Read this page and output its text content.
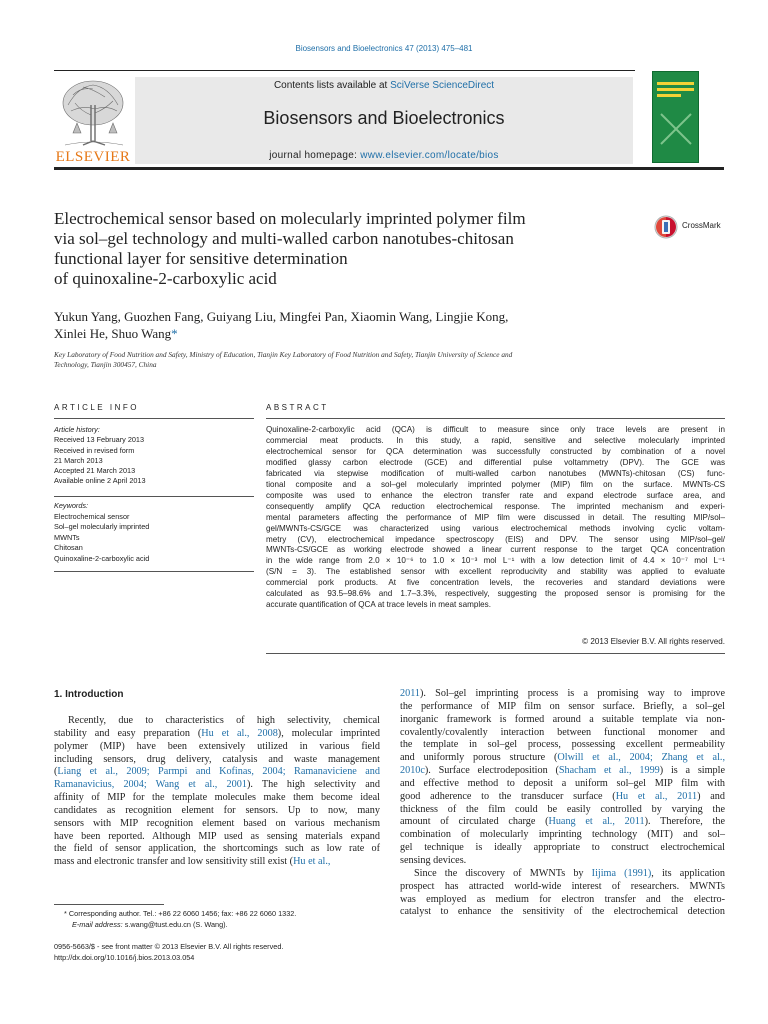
Biosensors and Bioelectronics 47 (2013) 475–481
ELSEVIER
Contents lists available at SciVerse ScienceDirect
Biosensors and Bioelectronics
journal homepage: www.elsevier.com/locate/bios
Electrochemical sensor based on molecularly imprinted polymer film
via sol–gel technology and multi-walled carbon nanotubes-chitosan
functional layer for sensitive determination
of quinoxaline-2-carboxylic acid
CrossMark
Yukun Yang, Guozhen Fang, Guiyang Liu, Mingfei Pan, Xiaomin Wang, Lingjie Kong,
Xinlei He, Shuo Wang*
Key Laboratory of Food Nutrition and Safety, Ministry of Education, Tianjin Key Laboratory of Food Nutrition and Safety, Tianjin University of Science and
Technology, Tianjin 300457, China
ARTICLE INFO	ABSTRACT
Article history:
Received 13 February 2013
Received in revised form
21 March 2013
Accepted 21 March 2013
Available online 2 April 2013
Keywords:
Electrochemical sensor
Sol–gel molecularly imprinted
MWNTs
Chitosan
Quinoxaline-2-carboxylic acid
Quinoxaline-2-carboxylic acid (QCA) is difficult to measure since only trace levels are present in
commercial meat products. In this study, a rapid, sensitive and selective molecularly imprinted
electrochemical sensor for QCA determination was successfully constructed by combination of a novel
modified glassy carbon electrode (GCE) and differential pulse voltammetry (DPV). The GCE was
fabricated via stepwise modification of multi-walled carbon nanotubes (MWNTs)-chitosan (CS) func-
tional composite and a sol–gel molecularly imprinted polymer (MIP) film on the surface. MWNTs-CS
composite was used to enhance the electron transfer rate and expand electrode surface area, and
consequently amplify QCA reduction electrochemical response. The imprinted mechanism and experi-
mental parameters affecting the performance of MIP film were discussed in detail. The resulting MIP/sol–
gel/MWNTs-CS/GCE was characterized using various electrochemical methods involving cyclic voltam-
metry (CV), electrochemical impedance spectroscopy (EIS) and DPV. The sensor using MIP/sol–gel/
MWNTs-CS/GCE as working electrode showed a linear current response to the target QCA concentration
in the wide range from 2.0 × 10⁻⁶ to 1.0 × 10⁻³ mol L⁻¹ with a low detection limit of 4.4 × 10⁻⁷ mol L⁻¹
(S/N = 3). The established sensor with excellent reproducivity and stability was applied to evaluate
commercial pork products. At five concentration levels, the recoveries and standard deviations were
calculated as 93.5–98.6% and 1.7–3.3%, respectively, suggesting the proposed sensor is promising for the
accurate quantification of QCA at trace levels in meat samples.
© 2013 Elsevier B.V. All rights reserved.
1. Introduction
Recently, due to characteristics of high selectivity, chemical
stability and easy preparation (Hu et al., 2008), molecular imprinted
polymer (MIP) have been extensively utilized in various field
including sensors, drug delivery, catalysis and waste management
(Liang et al., 2009; Parmpi and Kofinas, 2004; Ramanaviciene and
Ramanavicius, 2004; Wang et al., 2001). The high selectivity and
affinity of MIP for the template molecules make them become ideal
candidates as recognition element for sensors. Up to now, many
sensors with MIP recognition element based on various mechanism
have been reported. Although MIP used as sensing materials expand
the field of sensor application, the shortcomings such as low rate of
mass and electronic transfer and low sensitivity still exist (Hu et al.,
2011). Sol–gel imprinting process is a promising way to improve
the performance of MIP film on sensor surface. Briefly, a sol–gel
inorganic framework is formed around a suitable template via non-
covalently/covalently interaction between functional monomer and
the template in sol–gel process, possessing excellent permeability
and uniformly porous structure (Olwill et al., 2004; Zhang et al.,
2010c). Surface electrodeposition (Shacham et al., 1999) is a simple
and effective method to deposit a uniform sol–gel MIP film with
good adherence to the transducer surface (Hu et al., 2011) and
thickness of the film could be easily controlled by varying the
amount of circulated charge (Huang et al., 2011). Therefore, the
combination of molecularly imprinting technology (MIT) and sol–
gel technique is ideally appropriate to construct electrochemical
sensing devices.
Since the discovery of MWNTs by Iijima (1991), its application
prospect has attracted world-wide interest of researchers. MWNTs
was employed as medium for electron transfer and the electro-
catalyst to enhance the sensitivity of the electrochemical detection
* Corresponding author. Tel.: +86 22 6060 1456; fax: +86 22 6060 1332.
E-mail address: s.wang@tust.edu.cn (S. Wang).
0956-5663/$ - see front matter © 2013 Elsevier B.V. All rights reserved.
http://dx.doi.org/10.1016/j.bios.2013.03.054
